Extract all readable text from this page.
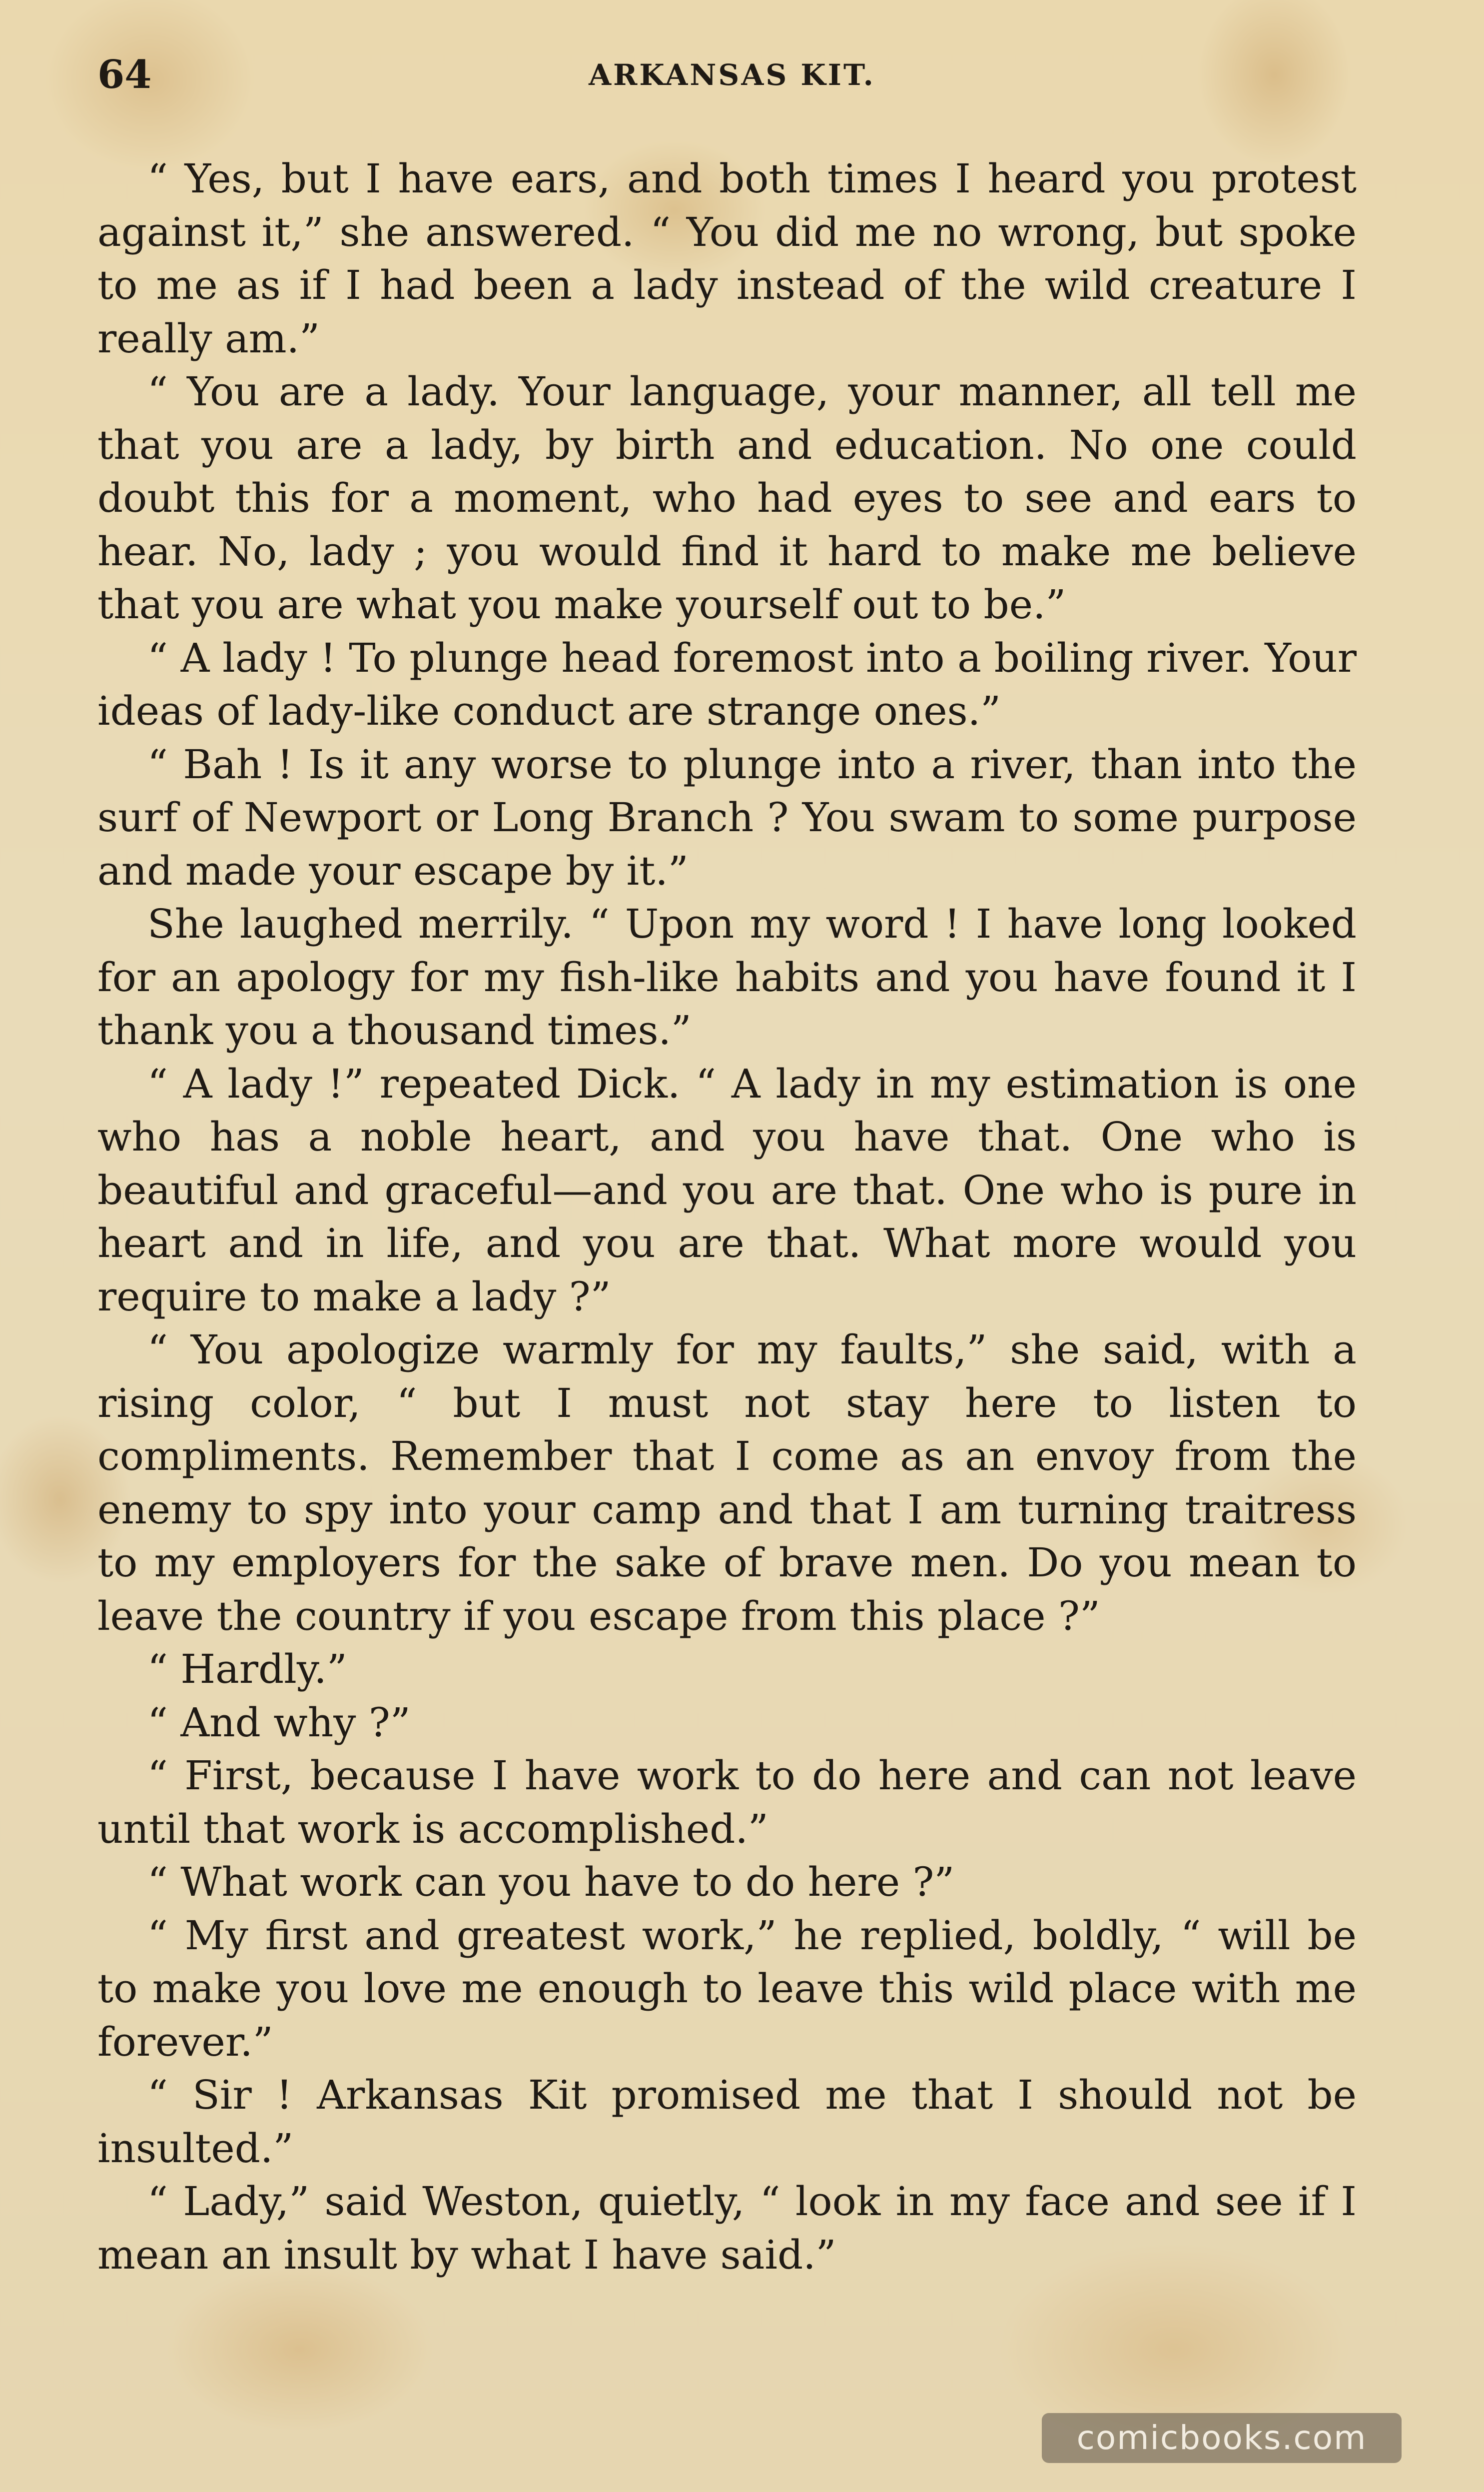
64	ARKANSAS KIT.

“ Yes, but I have ears, and both times I heard you protest against it,” she answered. “ You did me no wrong, but spoke to me as if I had been a lady instead of the wild creature I really am.”

“ You are a lady. Your language, your manner, all tell me that you are a lady, by birth and education. No one could doubt this for a moment, who had eyes to see and ears to hear. No, lady ; you would find it hard to make me believe that you are what you make yourself out to be.”

“ A lady ! To plunge head foremost into a boiling river. Your ideas of lady-like conduct are strange ones.”

“ Bah ! Is it any worse to plunge into a river, than into the surf of Newport or Long Branch ? You swam to some purpose and made your escape by it.”

She laughed merrily. “ Upon my word ! I have long looked for an apology for my fish-like habits and you have found it I thank you a thousand times.”

“ A lady !” repeated Dick. “ A lady in my estimation is one who has a noble heart, and you have that. One who is beautiful and graceful—and you are that. One who is pure in heart and in life, and you are that. What more would you require to make a lady ?”

“ You apologize warmly for my faults,” she said, with a rising color, “ but I must not stay here to listen to compliments. Remember that I come as an envoy from the enemy to spy into your camp and that I am turning traitress to my employers for the sake of brave men. Do you mean to leave the country if you escape from this place ?”

“ Hardly.”

“ And why ?”

“ First, because I have work to do here and can not leave until that work is accomplished.”

“ What work can you have to do here ?”

“ My first and greatest work,” he replied, boldly, “ will be to make you love me enough to leave this wild place with me forever.”

“ Sir ! Arkansas Kit promised me that I should not be insulted.”

“ Lady,” said Weston, quietly, “ look in my face and see if I mean an insult by what I have said.”

comicbooks.com
